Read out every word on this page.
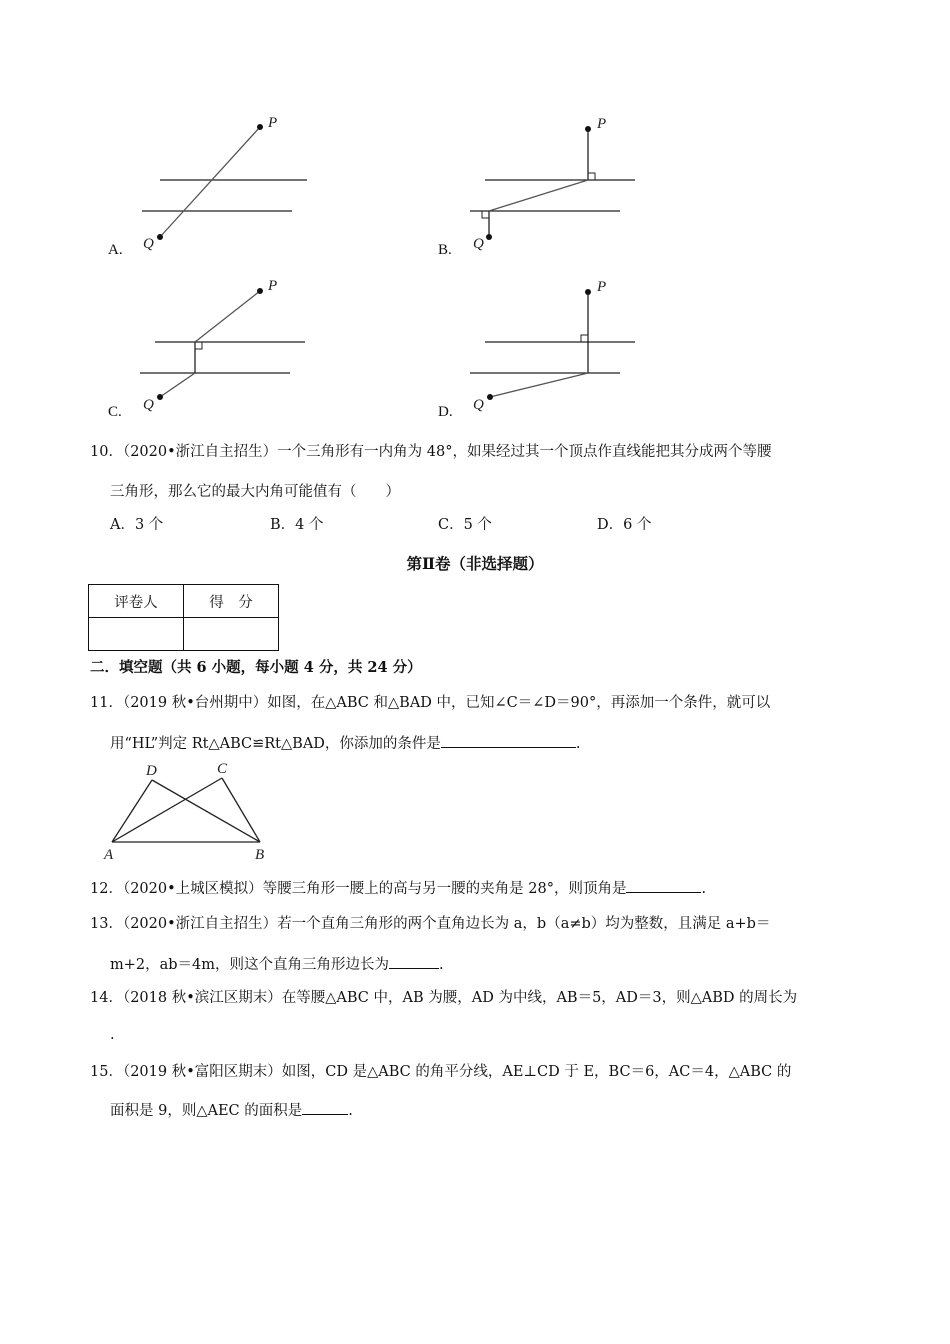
A.
P
Q	B.
P
Q
C.
P
Q	D.
P
Q
10．（2020•浙江自主招生）一个三角形有一内角为 48°，如果经过其一个顶点作直线能把其分成两个等腰
三角形，那么它的最大内角可能值有（　　）
A．3 个	B．4 个	C．5 个	D．6 个
第Ⅱ卷（非选择题）
评卷人	得　分

二．填空题（共 6 小题，每小题 4 分，共 24 分）
11．（2019 秋•台州期中）如图，在△ABC 和△BAD 中，已知∠C＝∠D＝90°，再添加一个条件，就可以
用“HL”判定 Rt△ABC≌Rt△BAD，你添加的条件是	.
D	C
A	B
12．（2020•上城区模拟）等腰三角形一腰上的高与另一腰的夹角是 28°，则顶角是	.
13．（2020•浙江自主招生）若一个直角三角形的两个直角边长为 a，b（a≠b）均为整数，且满足 a+b＝
m+2，ab＝4m，则这个直角三角形边长为	.
14．（2018 秋•滨江区期末）在等腰△ABC 中，AB 为腰，AD 为中线，AB＝5，AD＝3，则△ABD 的周长为
.
15．（2019 秋•富阳区期末）如图，CD 是△ABC 的角平分线，AE⊥CD 于 E，BC＝6，AC＝4，△ABC 的
面积是 9，则△AEC 的面积是	.
